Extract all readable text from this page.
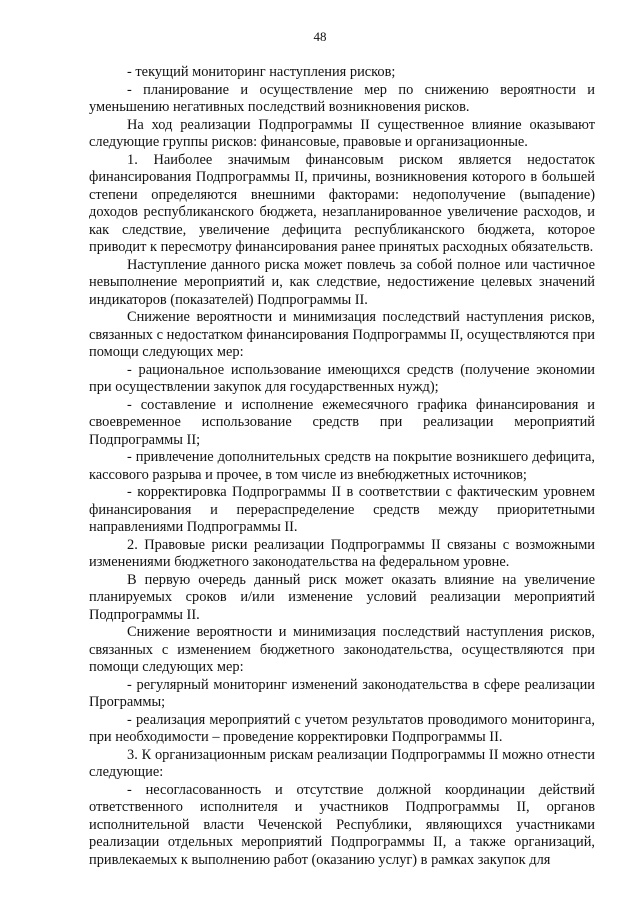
48

- текущий мониторинг наступления рисков;

- планирование и осуществление мер по снижению вероятности и уменьшению негативных последствий возникновения рисков.

На ход реализации Подпрограммы II существенное влияние оказывают следующие группы рисков: финансовые, правовые и организационные.

1. Наиболее значимым финансовым риском является недостаток финансирования Подпрограммы II, причины, возникновения которого в большей степени определяются внешними факторами: недополучение (выпадение) доходов республиканского бюджета, незапланированное увеличение расходов, и как следствие, увеличение дефицита республиканского бюджета, которое приводит к пересмотру финансирования ранее принятых расходных обязательств.

Наступление данного риска может повлечь за собой полное или частичное невыполнение мероприятий и, как следствие, недостижение целевых значений индикаторов (показателей) Подпрограммы II.

Снижение вероятности и минимизация последствий наступления рисков, связанных с недостатком финансирования Подпрограммы II, осуществляются при помощи следующих мер:

- рациональное использование имеющихся средств (получение экономии при осуществлении закупок для государственных нужд);

- составление и исполнение ежемесячного графика финансирования и своевременное использование средств при реализации мероприятий Подпрограммы II;

- привлечение дополнительных средств на покрытие возникшего дефицита, кассового разрыва и прочее, в том числе из внебюджетных источников;

- корректировка Подпрограммы II в соответствии с фактическим уровнем финансирования и перераспределение средств между приоритетными направлениями Подпрограммы II.

2. Правовые риски реализации Подпрограммы II связаны с возможными изменениями бюджетного законодательства на федеральном уровне.

В первую очередь данный риск может оказать влияние на увеличение планируемых сроков и/или изменение условий реализации мероприятий Подпрограммы II.

Снижение вероятности и минимизация последствий наступления рисков, связанных с изменением бюджетного законодательства, осуществляются при помощи следующих мер:

- регулярный мониторинг изменений законодательства в сфере реализации Программы;

- реализация мероприятий с учетом результатов проводимого мониторинга, при необходимости – проведение корректировки Подпрограммы II.

3. К организационным рискам реализации Подпрограммы II можно отнести следующие:

- несогласованность и отсутствие должной координации действий ответственного исполнителя и участников Подпрограммы II, органов исполнительной власти Чеченской Республики, являющихся участниками реализации отдельных мероприятий Подпрограммы II, а также организаций, привлекаемых к выполнению работ (оказанию услуг) в рамках закупок для
